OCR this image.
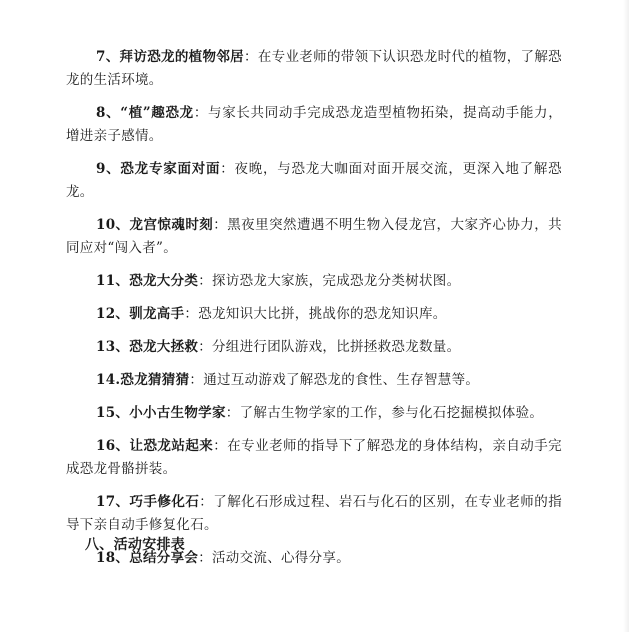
7、拜访恐龙的植物邻居：在专业老师的带领下认识恐龙时代的植物，了解恐龙的生活环境。

8、“植”趣恐龙：与家长共同动手完成恐龙造型植物拓染，提高动手能力，增进亲子感情。

9、恐龙专家面对面：夜晚，与恐龙大咖面对面开展交流，更深入地了解恐龙。

10、龙宫惊魂时刻：黑夜里突然遭遇不明生物入侵龙宫，大家齐心协力，共同应对“闯入者”。

11、恐龙大分类：探访恐龙大家族，完成恐龙分类树状图。

12、驯龙高手：恐龙知识大比拼，挑战你的恐龙知识库。

13、恐龙大拯救：分组进行团队游戏，比拼拯救恐龙数量。

14.恐龙猜猜猜：通过互动游戏了解恐龙的食性、生存智慧等。

15、小小古生物学家：了解古生物学家的工作，参与化石挖掘模拟体验。

16、让恐龙站起来：在专业老师的指导下了解恐龙的身体结构，亲自动手完成恐龙骨骼拼装。

17、巧手修化石：了解化石形成过程、岩石与化石的区别，在专业老师的指导下亲自动手修复化石。

18、总结分享会：活动交流、心得分享。

八、活动安排表
